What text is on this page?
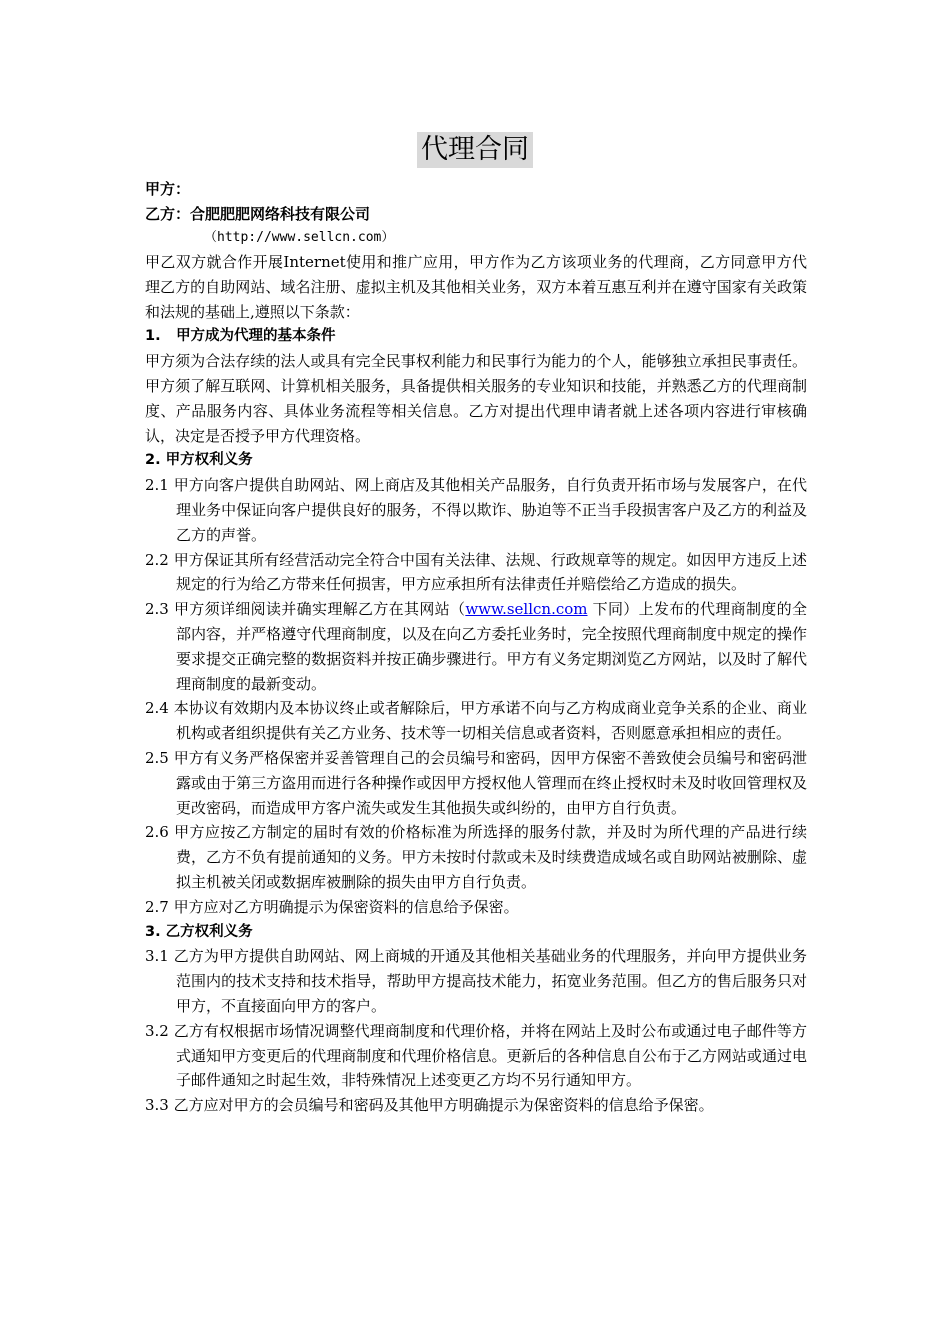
代理合同
甲方：
乙方：合肥肥肥网络科技有限公司
（http://www.sellcn.com）

甲乙双方就合作开展Internet使用和推广应用，甲方作为乙方该项业务的代理商，乙方同意甲方代理乙方的自助网站、域名注册、虚拟主机及其他相关业务，双方本着互惠互利并在遵守国家有关政策和法规的基础上,遵照以下条款：

1. 甲方成为代理的基本条件

甲方须为合法存续的法人或具有完全民事权利能力和民事行为能力的个人，能够独立承担民事责任。甲方须了解互联网、计算机相关服务，具备提供相关服务的专业知识和技能，并熟悉乙方的代理商制度、产品服务内容、具体业务流程等相关信息。乙方对提出代理申请者就上述各项内容进行审核确认，决定是否授予甲方代理资格。

2. 甲方权利义务

2.1 甲方向客户提供自助网站、网上商店及其他相关产品服务，自行负责开拓市场与发展客户，在代理业务中保证向客户提供良好的服务，不得以欺诈、胁迫等不正当手段损害客户及乙方的利益及乙方的声誉。

2.2 甲方保证其所有经营活动完全符合中国有关法律、法规、行政规章等的规定。如因甲方违反上述规定的行为给乙方带来任何损害，甲方应承担所有法律责任并赔偿给乙方造成的损失。

2.3 甲方须详细阅读并确实理解乙方在其网站（www.sellcn.com 下同）上发布的代理商制度的全部内容，并严格遵守代理商制度，以及在向乙方委托业务时，完全按照代理商制度中规定的操作要求提交正确完整的数据资料并按正确步骤进行。甲方有义务定期浏览乙方网站，以及时了解代理商制度的最新变动。

2.4 本协议有效期内及本协议终止或者解除后，甲方承诺不向与乙方构成商业竞争关系的企业、商业机构或者组织提供有关乙方业务、技术等一切相关信息或者资料，否则愿意承担相应的责任。

2.5 甲方有义务严格保密并妥善管理自己的会员编号和密码，因甲方保密不善致使会员编号和密码泄露或由于第三方盗用而进行各种操作或因甲方授权他人管理而在终止授权时未及时收回管理权及更改密码，而造成甲方客户流失或发生其他损失或纠纷的，由甲方自行负责。

2.6 甲方应按乙方制定的届时有效的价格标准为所选择的服务付款，并及时为所代理的产品进行续费，乙方不负有提前通知的义务。甲方未按时付款或未及时续费造成域名或自助网站被删除、虚拟主机被关闭或数据库被删除的损失由甲方自行负责。

2.7 甲方应对乙方明确提示为保密资料的信息给予保密。

3. 乙方权利义务

3.1 乙方为甲方提供自助网站、网上商城的开通及其他相关基础业务的代理服务，并向甲方提供业务范围内的技术支持和技术指导，帮助甲方提高技术能力，拓宽业务范围。但乙方的售后服务只对甲方，不直接面向甲方的客户。

3.2 乙方有权根据市场情况调整代理商制度和代理价格，并将在网站上及时公布或通过电子邮件等方式通知甲方变更后的代理商制度和代理价格信息。更新后的各种信息自公布于乙方网站或通过电子邮件通知之时起生效，非特殊情况上述变更乙方均不另行通知甲方。

3.3 乙方应对甲方的会员编号和密码及其他甲方明确提示为保密资料的信息给予保密。
